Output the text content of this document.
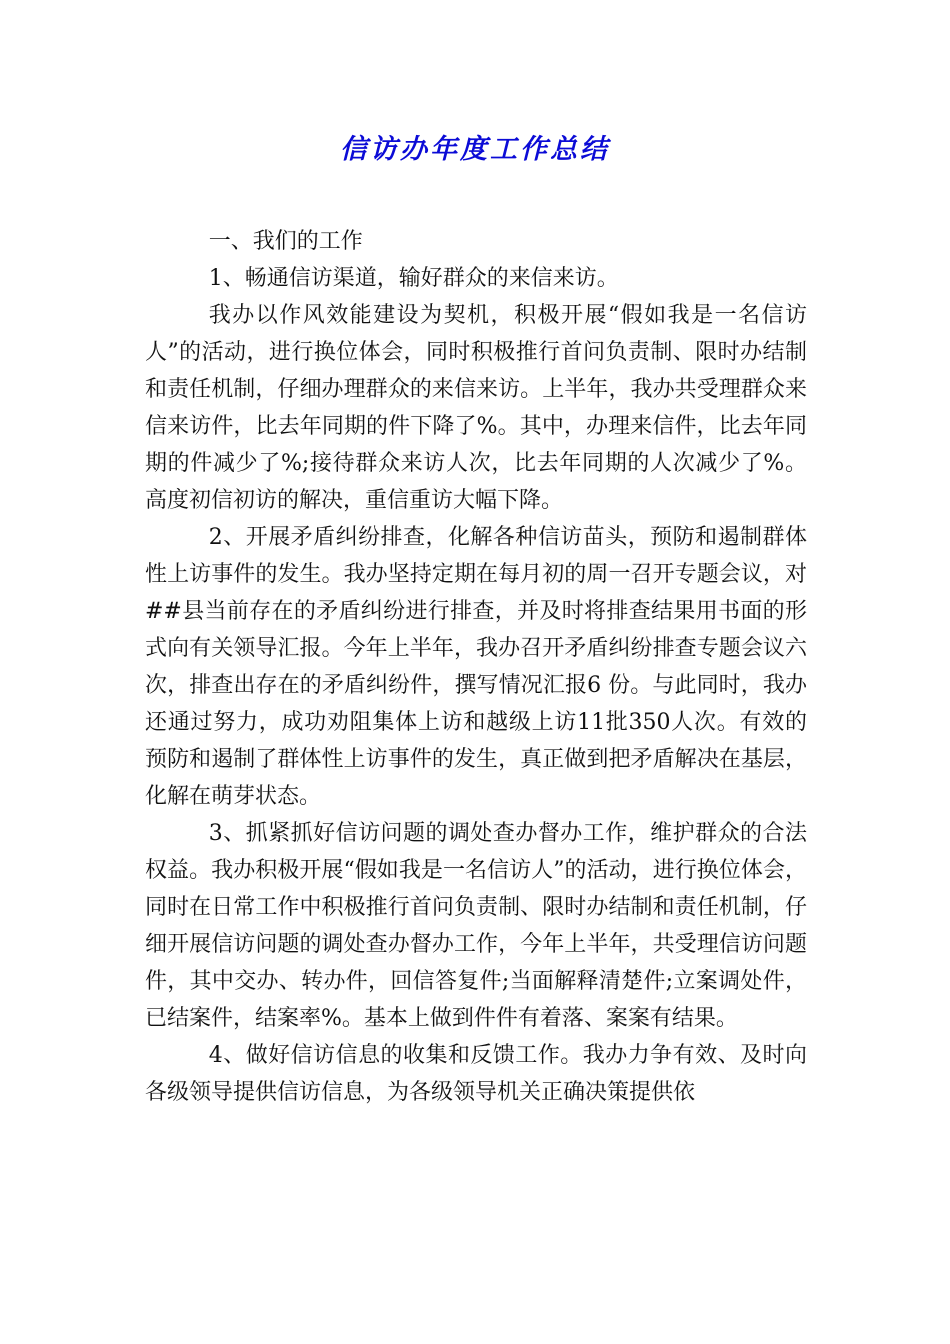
信访办年度工作总结

一、我们的工作

1、畅通信访渠道，输好群众的来信来访。

我办以作风效能建设为契机，积极开展“假如我是一名信访人”的活动，进行换位体会，同时积极推行首问负责制、限时办结制和责任机制，仔细办理群众的来信来访。上半年，我办共受理群众来信来访件，比去年同期的件下降了%。其中，办理来信件，比去年同期的件减少了%;接待群众来访人次，比去年同期的人次减少了%。高度初信初访的解决，重信重访大幅下降。

2、开展矛盾纠纷排查，化解各种信访苗头，预防和遏制群体性上访事件的发生。我办坚持定期在每月初的周一召开专题会议，对##县当前存在的矛盾纠纷进行排查，并及时将排查结果用书面的形式向有关领导汇报。今年上半年，我办召开矛盾纠纷排查专题会议六次，排查出存在的矛盾纠纷件，撰写情况汇报6 份。与此同时，我办还通过努力，成功劝阻集体上访和越级上访11批350人次。有效的预防和遏制了群体性上访事件的发生，真正做到把矛盾解决在基层，化解在萌芽状态。

3、抓紧抓好信访问题的调处查办督办工作，维护群众的合法权益。我办积极开展“假如我是一名信访人”的活动，进行换位体会，同时在日常工作中积极推行首问负责制、限时办结制和责任机制，仔细开展信访问题的调处查办督办工作，今年上半年，共受理信访问题件，其中交办、转办件，回信答复件;当面解释清楚件;立案调处件，已结案件，结案率%。基本上做到件件有着落、案案有结果。

4、做好信访信息的收集和反馈工作。我办力争有效、及时向各级领导提供信访信息，为各级领导机关正确决策提供依
